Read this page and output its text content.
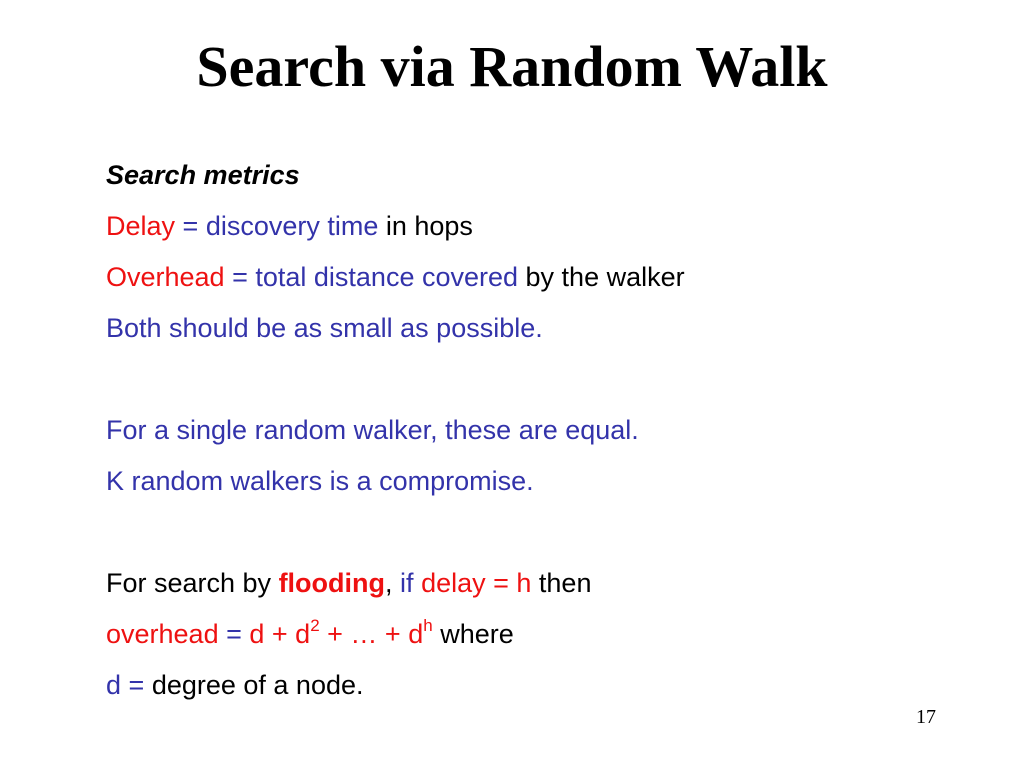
Search via Random Walk
Search metrics
Delay = discovery time in hops
Overhead = total distance covered by the walker
Both should be as small as possible.
For a single random walker, these are equal.
K random walkers is a compromise.
For search by flooding, if delay = h then
overhead = $d + d^2$ + … + $d^h$ where
d = degree of a node.
17
